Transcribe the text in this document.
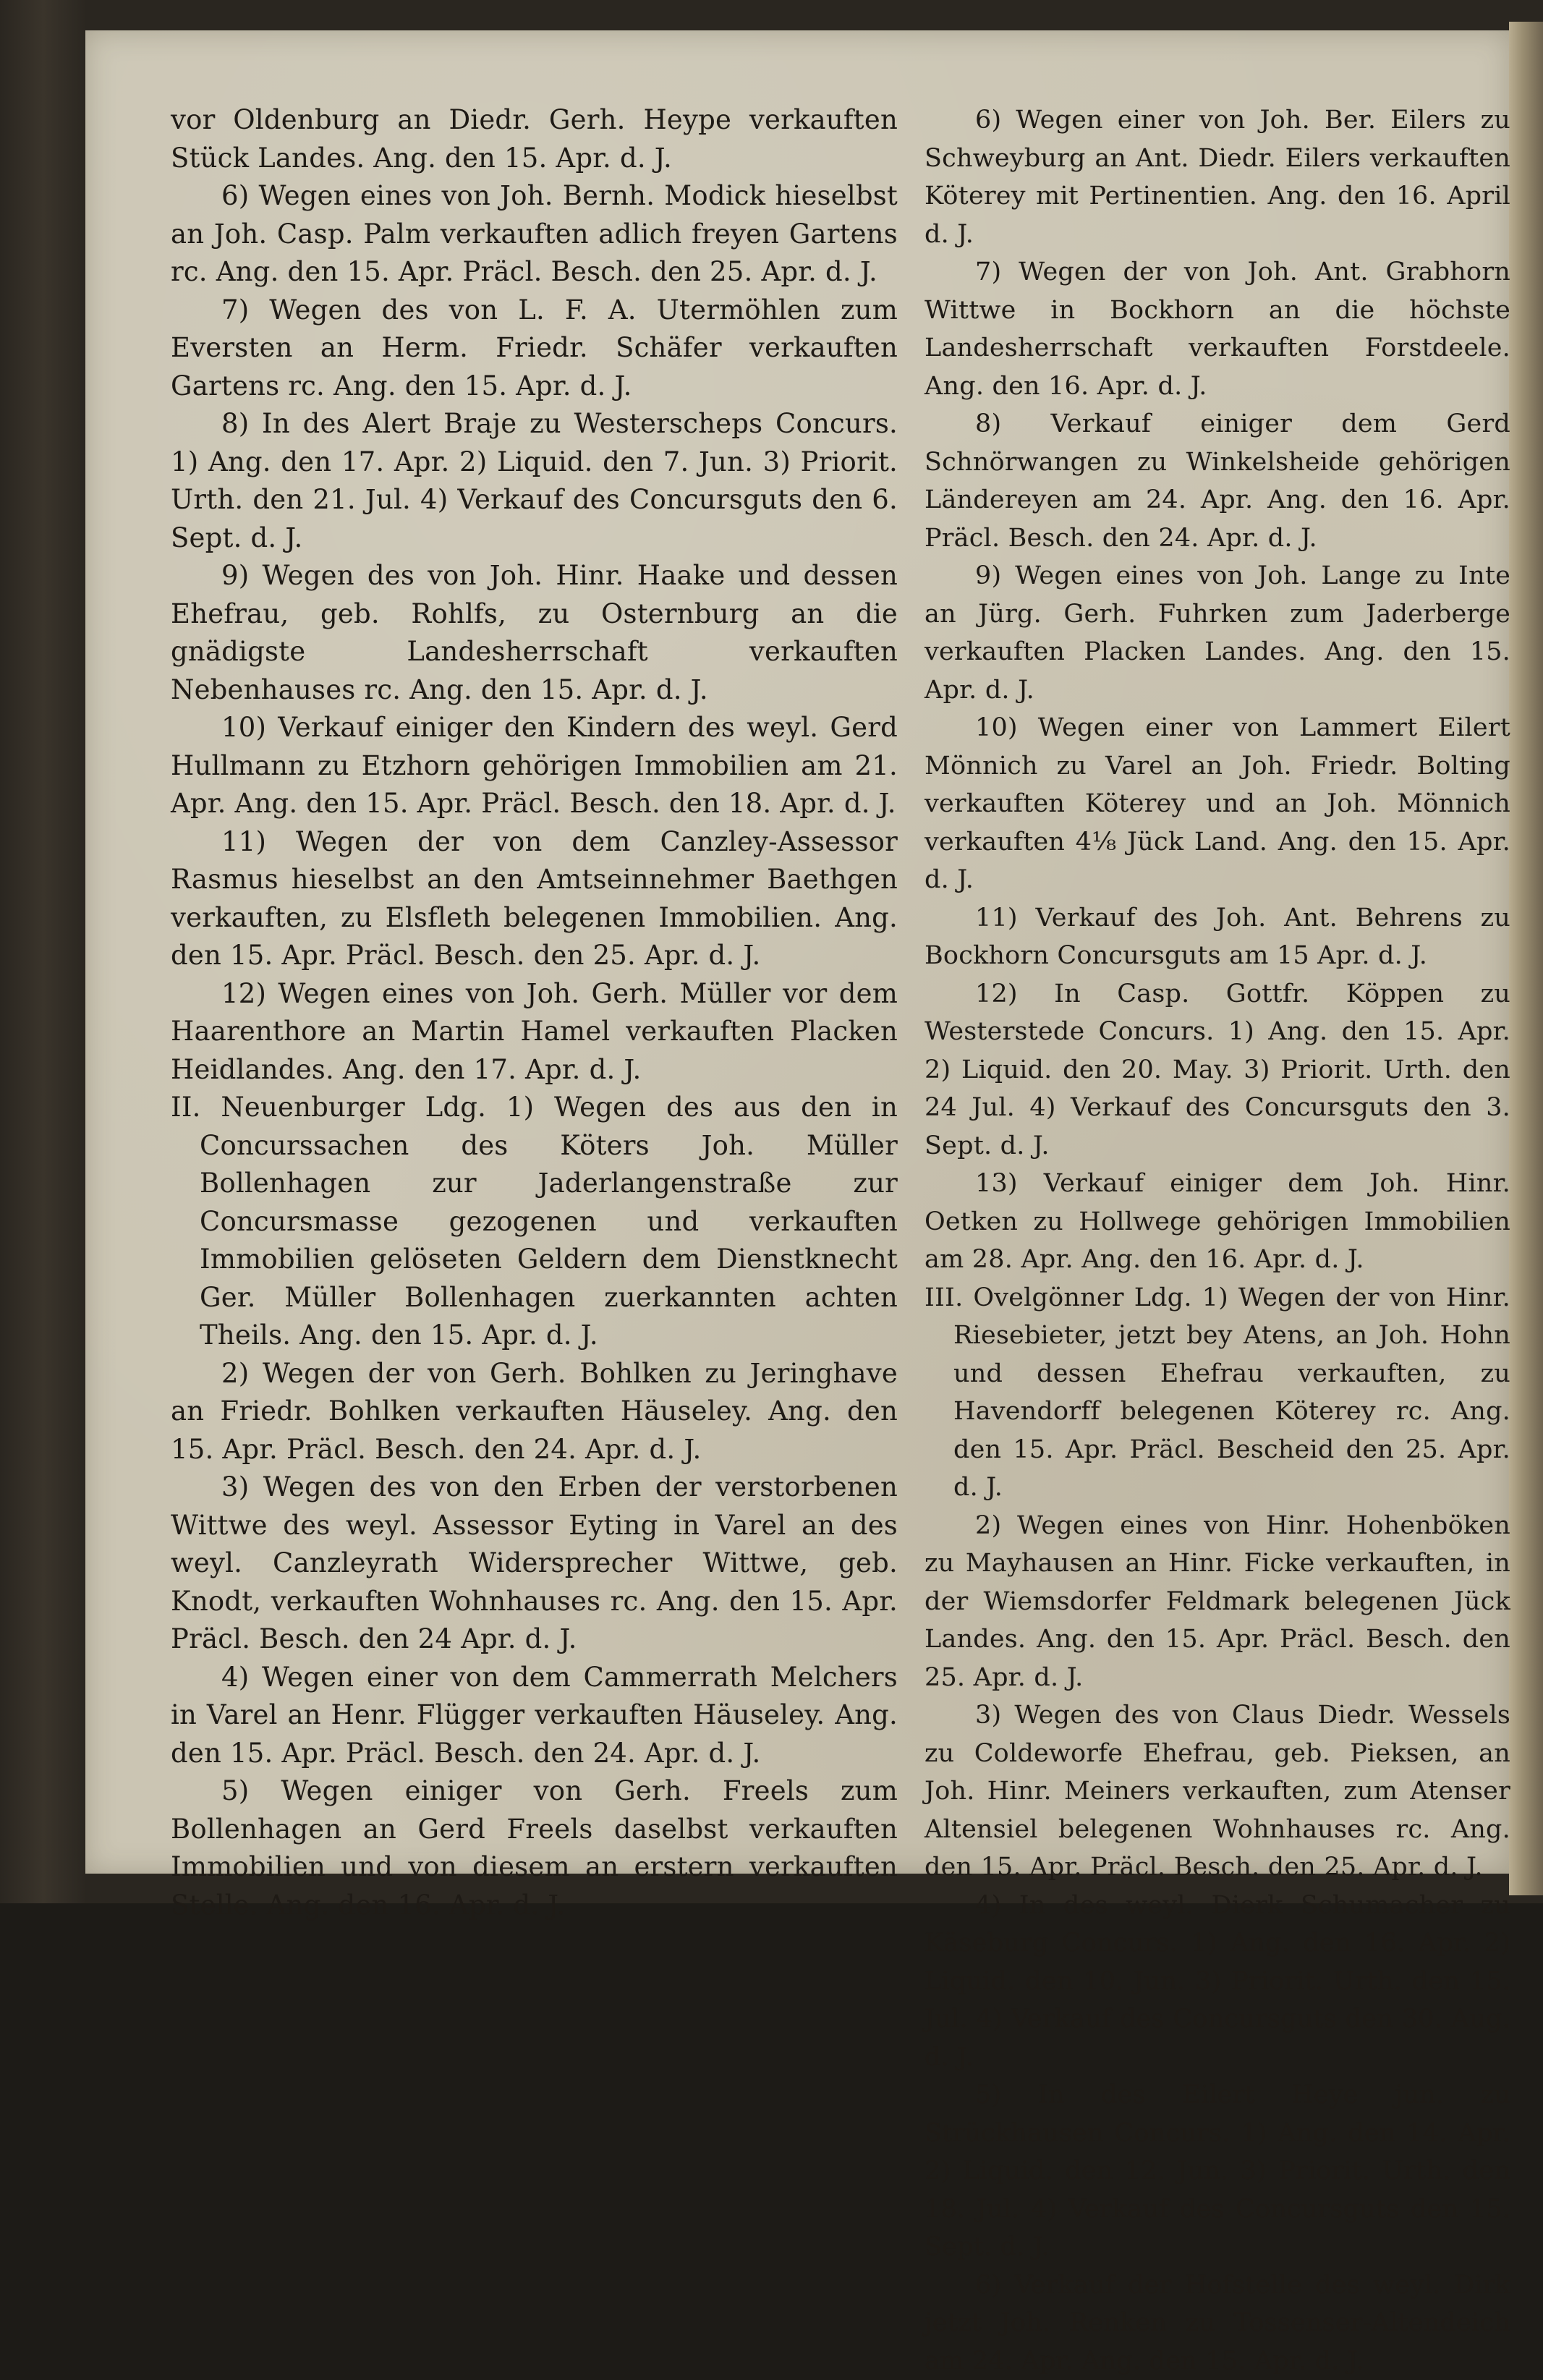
vor Oldenburg an Diedr. Gerh. Heype verkauften Stück Landes. Ang. den 15. Apr. d. J.

6) Wegen eines von Joh. Bernh. Modick hieselbst an Joh. Casp. Palm verkauften adlich freyen Gartens rc. Ang. den 15. Apr. Präcl. Besch. den 25. Apr. d. J.

7) Wegen des von L. F. A. Utermöhlen zum Eversten an Herm. Friedr. Schäfer verkauften Gartens rc. Ang. den 15. Apr. d. J.

8) In des Alert Braje zu Westerscheps Concurs. 1) Ang. den 17. Apr. 2) Liquid. den 7. Jun. 3) Priorit. Urth. den 21. Jul. 4) Verkauf des Concursguts den 6. Sept. d. J.

9) Wegen des von Joh. Hinr. Haake und dessen Ehefrau, geb. Rohlfs, zu Osternburg an die gnädigste Landesherrschaft verkauften Nebenhauses rc. Ang. den 15. Apr. d. J.

10) Verkauf einiger den Kindern des weyl. Gerd Hullmann zu Etzhorn gehörigen Immobilien am 21. Apr. Ang. den 15. Apr. Präcl. Besch. den 18. Apr. d. J.

11) Wegen der von dem Canzley-Assessor Rasmus hieselbst an den Amtseinnehmer Baethgen verkauften, zu Elsfleth belegenen Immobilien. Ang. den 15. Apr. Präcl. Besch. den 25. Apr. d. J.

12) Wegen eines von Joh. Gerh. Müller vor dem Haarenthore an Martin Hamel verkauften Placken Heidlandes. Ang. den 17. Apr. d. J.

II. Neuenburger Ldg. 1) Wegen des aus den in Concurssachen des Köters Joh. Müller Bollenhagen zur Jaderlangenstraße zur Concursmasse gezogenen und verkauften Immobilien gelöseten Geldern dem Dienstknecht Ger. Müller Bollenhagen zuerkannten achten Theils. Ang. den 15. Apr. d. J.

2) Wegen der von Gerh. Bohlken zu Jeringhave an Friedr. Bohlken verkauften Häuseley. Ang. den 15. Apr. Präcl. Besch. den 24. Apr. d. J.

3) Wegen des von den Erben der verstorbenen Wittwe des weyl. Assessor Eyting in Varel an des weyl. Canzleyrath Widersprecher Wittwe, geb. Knodt, verkauften Wohnhauses rc. Ang. den 15. Apr. Präcl. Besch. den 24 Apr. d. J.

4) Wegen einer von dem Cammerrath Melchers in Varel an Henr. Flügger verkauften Häuseley. Ang. den 15. Apr. Präcl. Besch. den 24. Apr. d. J.

5) Wegen einiger von Gerh. Freels zum Bollenhagen an Gerd Freels daselbst verkauften Immobilien und von diesem an erstern verkauften Stelle. Ang. den 16. Apr. d. J.

6) Wegen einer von Joh. Ber. Eilers zu Schweyburg an Ant. Diedr. Eilers verkauften Köterey mit Pertinentien. Ang. den 16. April d. J.

7) Wegen der von Joh. Ant. Grabhorn Wittwe in Bockhorn an die höchste Landesherrschaft verkauften Forstdeele. Ang. den 16. Apr. d. J.

8) Verkauf einiger dem Gerd Schnörwangen zu Winkelsheide gehörigen Ländereyen am 24. Apr. Ang. den 16. Apr. Präcl. Besch. den 24. Apr. d. J.

9) Wegen eines von Joh. Lange zu Inte an Jürg. Gerh. Fuhrken zum Jaderberge verkauften Placken Landes. Ang. den 15. Apr. d. J.

10) Wegen einer von Lammert Eilert Mönnich zu Varel an Joh. Friedr. Bolting verkauften Köterey und an Joh. Mönnich verkauften 4⅛ Jück Land. Ang. den 15. Apr. d. J.

11) Verkauf des Joh. Ant. Behrens zu Bockhorn Concursguts am 15 Apr. d. J.

12) In Casp. Gottfr. Köppen zu Westerstede Concurs. 1) Ang. den 15. Apr. 2) Liquid. den 20. May. 3) Priorit. Urth. den 24 Jul. 4) Verkauf des Concursguts den 3. Sept. d. J.

13) Verkauf einiger dem Joh. Hinr. Oetken zu Hollwege gehörigen Immobilien am 28. Apr. Ang. den 16. Apr. d. J.

III. Ovelgönner Ldg. 1) Wegen der von Hinr. Riesebieter, jetzt bey Atens, an Joh. Hohn und dessen Ehefrau verkauften, zu Havendorff belegenen Köterey rc. Ang. den 15. Apr. Präcl. Bescheid den 25. Apr. d. J.

2) Wegen eines von Hinr. Hohenböken zu Mayhausen an Hinr. Ficke verkauften, in der Wiemsdorfer Feldmark belegenen Jück Landes. Ang. den 15. Apr. Präcl. Besch. den 25. Apr. d. J.

3) Wegen des von Claus Diedr. Wessels zu Coldeworfe Ehefrau, geb. Pieksen, an Joh. Hinr. Meiners verkauften, zum Atenser Altensiel belegenen Wohnhauses rc. Ang. den 15. Apr. Präcl. Besch. den 25. Apr. d. J.

4) In des weyl. Dierk Schumacher zu Käseburg Concurs. 1) Ang. den 16. Apr. 2) Liquid. den 10. Jun. 3) Priorit. Urth. den 15. Jul. 4) Verkauf des Concursguts den 30. Aug. d. J.

5) In des Eilert Heye jun. zu Strückhausen Concurs. 1) Ang. den 14. Apr. 2) Liquid. den 12. Jun. 3) Priorit. Urth. den 18. Jul. 4) Verkauf des Concursguts den 15. Sept. d. J.

6) Verkauf der Hofstelle des weyl. Dirk jetzt Joh. Renken zu Tossenser-Altendeich am 24. Apr. Ang. den 15. Apr. d. J.
